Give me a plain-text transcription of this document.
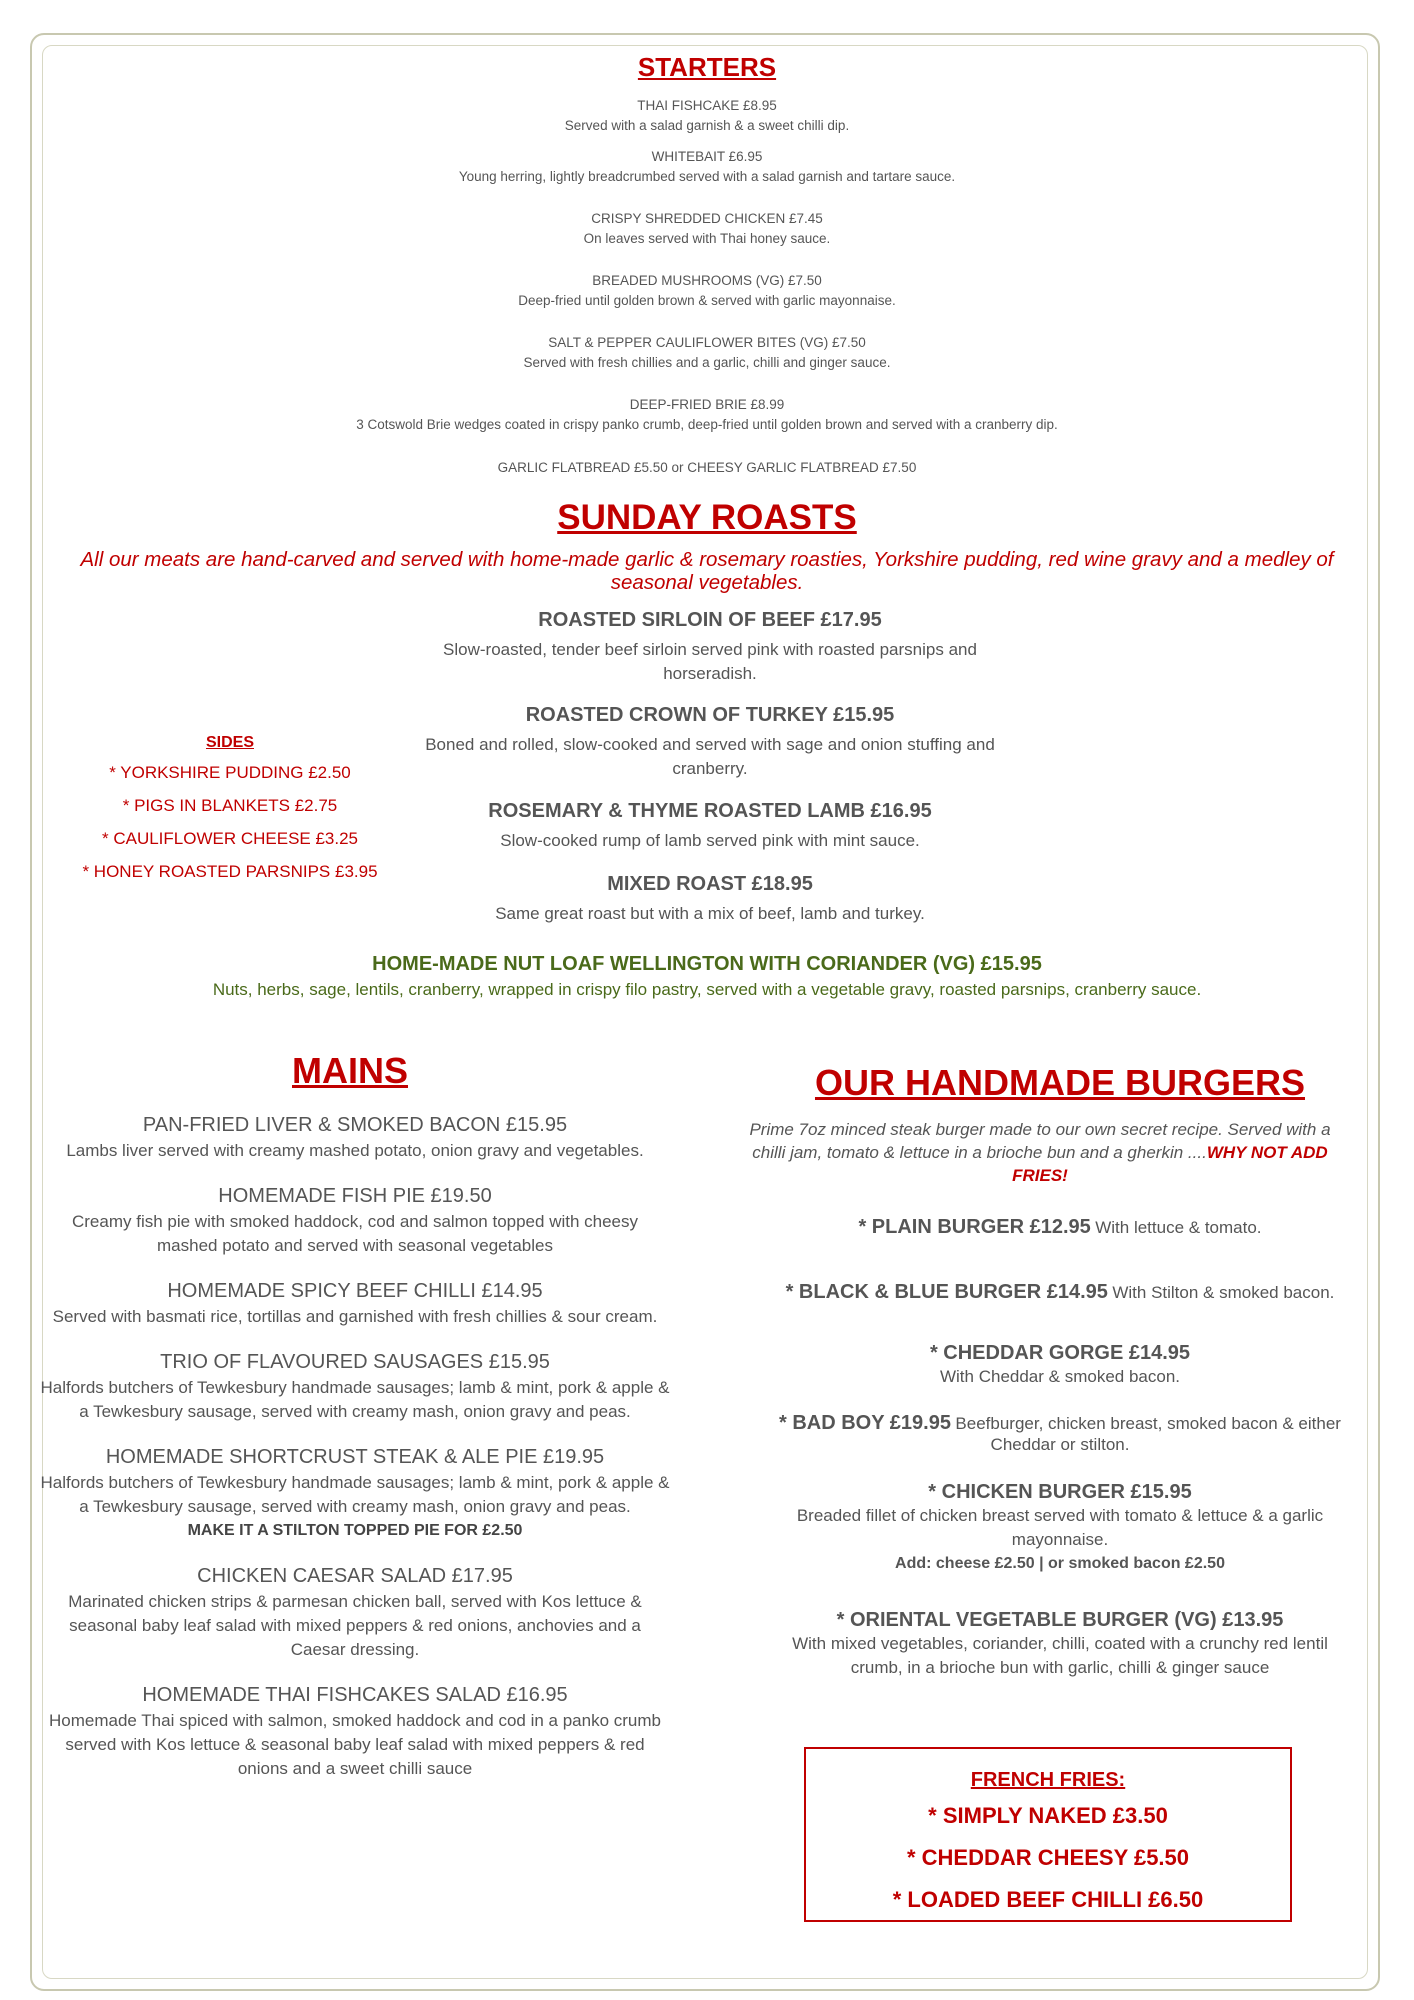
STARTERS
THAI FISHCAKE £8.95
Served with a salad garnish & a sweet chilli dip.
WHITEBAIT £6.95
Young herring, lightly breadcrumbed served with a salad garnish and tartare sauce.
CRISPY SHREDDED CHICKEN £7.45
On leaves served with Thai honey sauce.
BREADED MUSHROOMS (VG) £7.50
Deep-fried until golden brown & served with garlic mayonnaise.
SALT & PEPPER CAULIFLOWER BITES (VG) £7.50
Served with fresh chillies and a garlic, chilli and ginger sauce.
DEEP-FRIED BRIE £8.99
3 Cotswold Brie wedges coated in crispy panko crumb, deep-fried until golden brown and served with a cranberry dip.
GARLIC FLATBREAD £5.50 or CHEESY GARLIC FLATBREAD £7.50
SUNDAY ROASTS
All our meats are hand-carved and served with home-made garlic & rosemary roasties, Yorkshire pudding, red wine gravy and a medley of seasonal vegetables.
ROASTED SIRLOIN OF BEEF £17.95
Slow-roasted, tender beef sirloin served pink with roasted parsnips and horseradish.
ROASTED CROWN OF TURKEY £15.95
Boned and rolled, slow-cooked and served with sage and onion stuffing and cranberry.
ROSEMARY & THYME ROASTED LAMB £16.95
Slow-cooked rump of lamb served pink with mint sauce.
MIXED ROAST £18.95
Same great roast but with a mix of beef, lamb and turkey.
SIDES
* YORKSHIRE PUDDING £2.50
* PIGS IN BLANKETS £2.75
* CAULIFLOWER CHEESE £3.25
* HONEY ROASTED PARSNIPS £3.95
HOME-MADE NUT LOAF WELLINGTON WITH CORIANDER (VG) £15.95
Nuts, herbs, sage, lentils, cranberry, wrapped in crispy filo pastry, served with a vegetable gravy, roasted parsnips, cranberry sauce.
MAINS
PAN-FRIED LIVER & SMOKED BACON £15.95
Lambs liver served with creamy mashed potato, onion gravy and vegetables.
HOMEMADE FISH PIE £19.50
Creamy fish pie with smoked haddock, cod and salmon topped with cheesy mashed potato and served with seasonal vegetables
HOMEMADE SPICY BEEF CHILLI £14.95
Served with basmati rice, tortillas and garnished with fresh chillies & sour cream.
TRIO OF FLAVOURED SAUSAGES £15.95
Halfords butchers of Tewkesbury handmade sausages; lamb & mint, pork & apple & a Tewkesbury sausage, served with creamy mash, onion gravy and peas.
HOMEMADE SHORTCRUST STEAK & ALE PIE £19.95
Halfords butchers of Tewkesbury handmade sausages; lamb & mint, pork & apple & a Tewkesbury sausage, served with creamy mash, onion gravy and peas.
MAKE IT A STILTON TOPPED PIE FOR £2.50
CHICKEN CAESAR SALAD £17.95
Marinated chicken strips & parmesan chicken ball, served with Kos lettuce & seasonal baby leaf salad with mixed peppers & red onions, anchovies and a Caesar dressing.
HOMEMADE THAI FISHCAKES SALAD £16.95
Homemade Thai spiced with salmon, smoked haddock and cod in a panko crumb served with Kos lettuce & seasonal baby leaf salad with mixed peppers & red onions and a sweet chilli sauce
OUR HANDMADE BURGERS
Prime 7oz minced steak burger made to our own secret recipe. Served with a chilli jam, tomato & lettuce in a brioche bun and a gherkin ....WHY NOT ADD FRIES!
* PLAIN BURGER £12.95 With lettuce & tomato.
* BLACK & BLUE BURGER £14.95 With Stilton & smoked bacon.
* CHEDDAR GORGE £14.95
With Cheddar & smoked bacon.
* BAD BOY £19.95 Beefburger, chicken breast, smoked bacon & either Cheddar or stilton.
* CHICKEN BURGER £15.95
Breaded fillet of chicken breast served with tomato & lettuce & a garlic mayonnaise.
Add: cheese £2.50 | or smoked bacon £2.50
* ORIENTAL VEGETABLE BURGER (VG) £13.95
With mixed vegetables, coriander, chilli, coated with a crunchy red lentil crumb, in a brioche bun with garlic, chilli & ginger sauce
FRENCH FRIES:
* SIMPLY NAKED £3.50
* CHEDDAR CHEESY £5.50
* LOADED BEEF CHILLI £6.50
